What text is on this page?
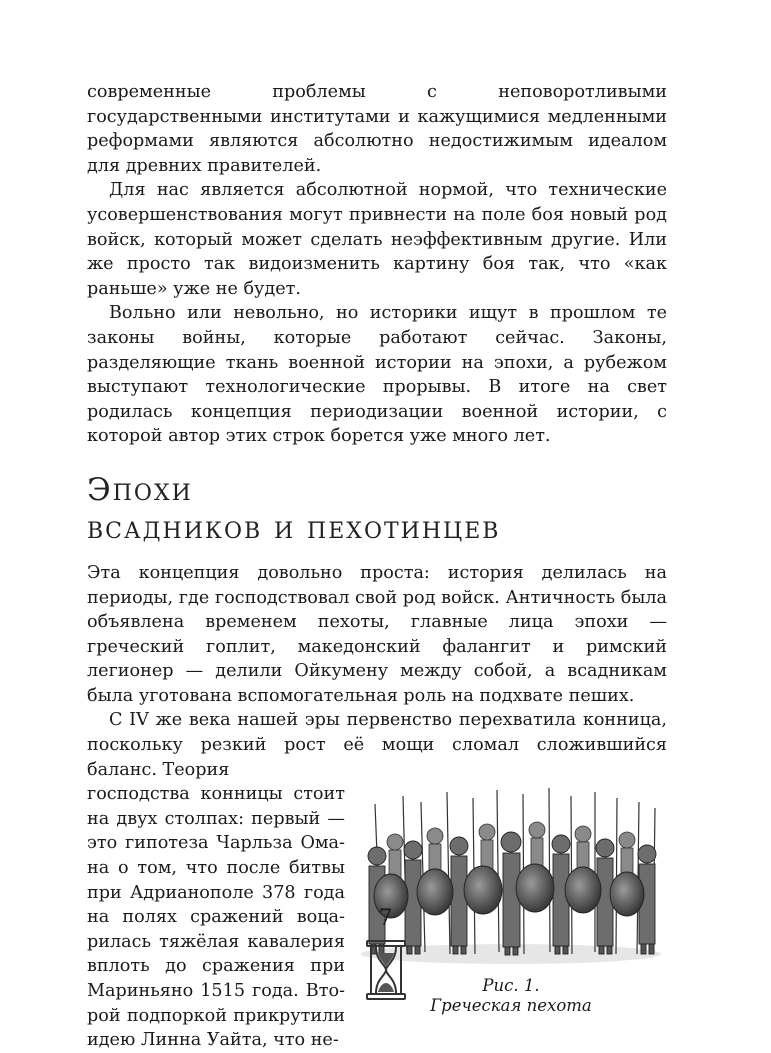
современные проблемы с неповоротливыми государственными институтами и кажущимися медленными реформами являются абсолютно недостижимым идеалом для древних правителей.

Для нас является абсолютной нормой, что технические усовершенствования могут привнести на поле боя новый род войск, который может сделать неэффективным другие. Или же просто так видоизменить картину боя так, что «как раньше» уже не будет.

Вольно или невольно, но историки ищут в прошлом те законы войны, которые работают сейчас. Законы, разделяющие ткань военной истории на эпохи, а рубежом выступают технологические прорывы. В итоге на свет родилась концепция периодизации военной истории, с которой автор этих строк борется уже много лет.

Эпохи
всадников и пехотинцев

Эта концепция довольно проста: история делилась на периоды, где господствовал свой род войск. Античность была объявлена временем пехоты, главные лица эпохи — греческий гоплит, македонский фалангит и римский легионер — делили Ойкумену между собой, а всадникам была уготована вспомогательная роль на подхвате пеших.

С IV же века нашей эры первенство перехватила конница, поскольку резкий рост её мощи сломал сложившийся баланс. Теория

господства конницы стоит на двух столпах: первый — это гипотеза Чарльза Омана о том, что после битвы при Адрианополе 378 года на полях сражений воцарилась тяжёлая кавалерия вплоть до сражения при Мариньяно 1515 года. Второй подпоркой прикрутили идею Линна Уайта, что не-

Рис. 1.
Греческая пехота
7
